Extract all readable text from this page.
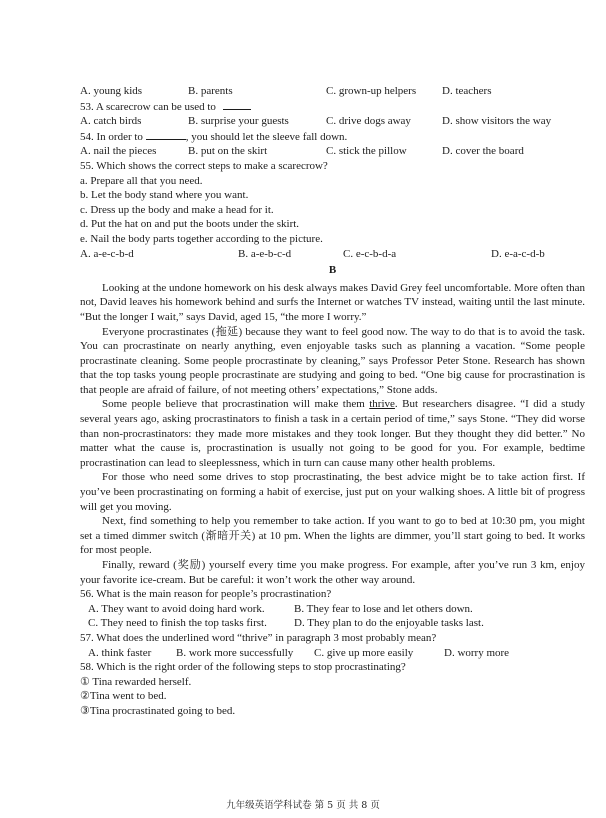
A. young kids	B. parents	C. grown-up helpers	D. teachers
53. A scarecrow can be used to
A. catch birds	B. surprise your guests	C. drive dogs away	D. show visitors the way
54. In order to	, you should let the sleeve fall down.
A. nail the pieces	B. put on the skirt	C. stick the pillow	D. cover the board
55. Which shows the correct steps to make a scarecrow?
a. Prepare all that you need.
b. Let the body stand where you want.
c. Dress up the body and make a head for it.
d. Put the hat on and put the boots under the skirt.
e. Nail the body parts together according to the picture.
A. a-e-c-b-d	B. a-e-b-c-d	C. e-c-b-d-a	D. e-a-c-d-b
B

Looking at the undone homework on his desk always makes David Grey feel uncomfortable. More often than not, David leaves his homework behind and surfs the Internet or watches TV instead, waiting until the last minute. “But the longer I wait,” says David, aged 15, “the more I worry.”

Everyone procrastinates (拖延) because they want to feel good now. The way to do that is to avoid the task. You can procrastinate on nearly anything, even enjoyable tasks such as planning a vacation. “Some people procrastinate cleaning. Some people procrastinate by cleaning,” says Professor Peter Stone. Research has shown that the top tasks young people procrastinate are studying and going to bed. “One big cause for procrastination is that people are afraid of failure, of not meeting others’ expectations,” Stone adds.

Some people believe that procrastination will make them thrive. But researchers disagree. “I did a study several years ago, asking procrastinators to finish a task in a certain period of time,” says Stone. “They did worse than non-procrastinators: they made more mistakes and they took longer. But they thought they did better.” No matter what the cause is, procrastination is usually not going to be good for you. For example, bedtime procrastination can lead to sleeplessness, which in turn can cause many other health problems.

For those who need some drives to stop procrastinating, the best advice might be to take action first. If you’ve been procrastinating on forming a habit of exercise, just put on your walking shoes. A little bit of progress will get you moving.

Next, find something to help you remember to take action. If you want to go to bed at 10:30 pm, you might set a timed dimmer switch (渐暗开关) at 10 pm. When the lights are dimmer, you’ll start going to bed. It works for most people.

Finally, reward (奖励) yourself every time you make progress. For example, after you’ve run 3 km, enjoy your favorite ice-cream. But be careful: it won’t work the other way around.

56. What is the main reason for people’s procrastination?
A. They want to avoid doing hard work.	B. They fear to lose and let others down.
C. They need to finish the top tasks first.	D. They plan to do the enjoyable tasks last.
57. What does the underlined word “thrive” in paragraph 3 most probably mean?
A. think faster	B. work more successfully	C. give up more easily	D. worry more
58. Which is the right order of the following steps to stop procrastinating?
① Tina rewarded herself.
②Tina went to bed.
③Tina procrastinated going to bed.
九年级英语学科试卷 第 5 页 共 8 页
